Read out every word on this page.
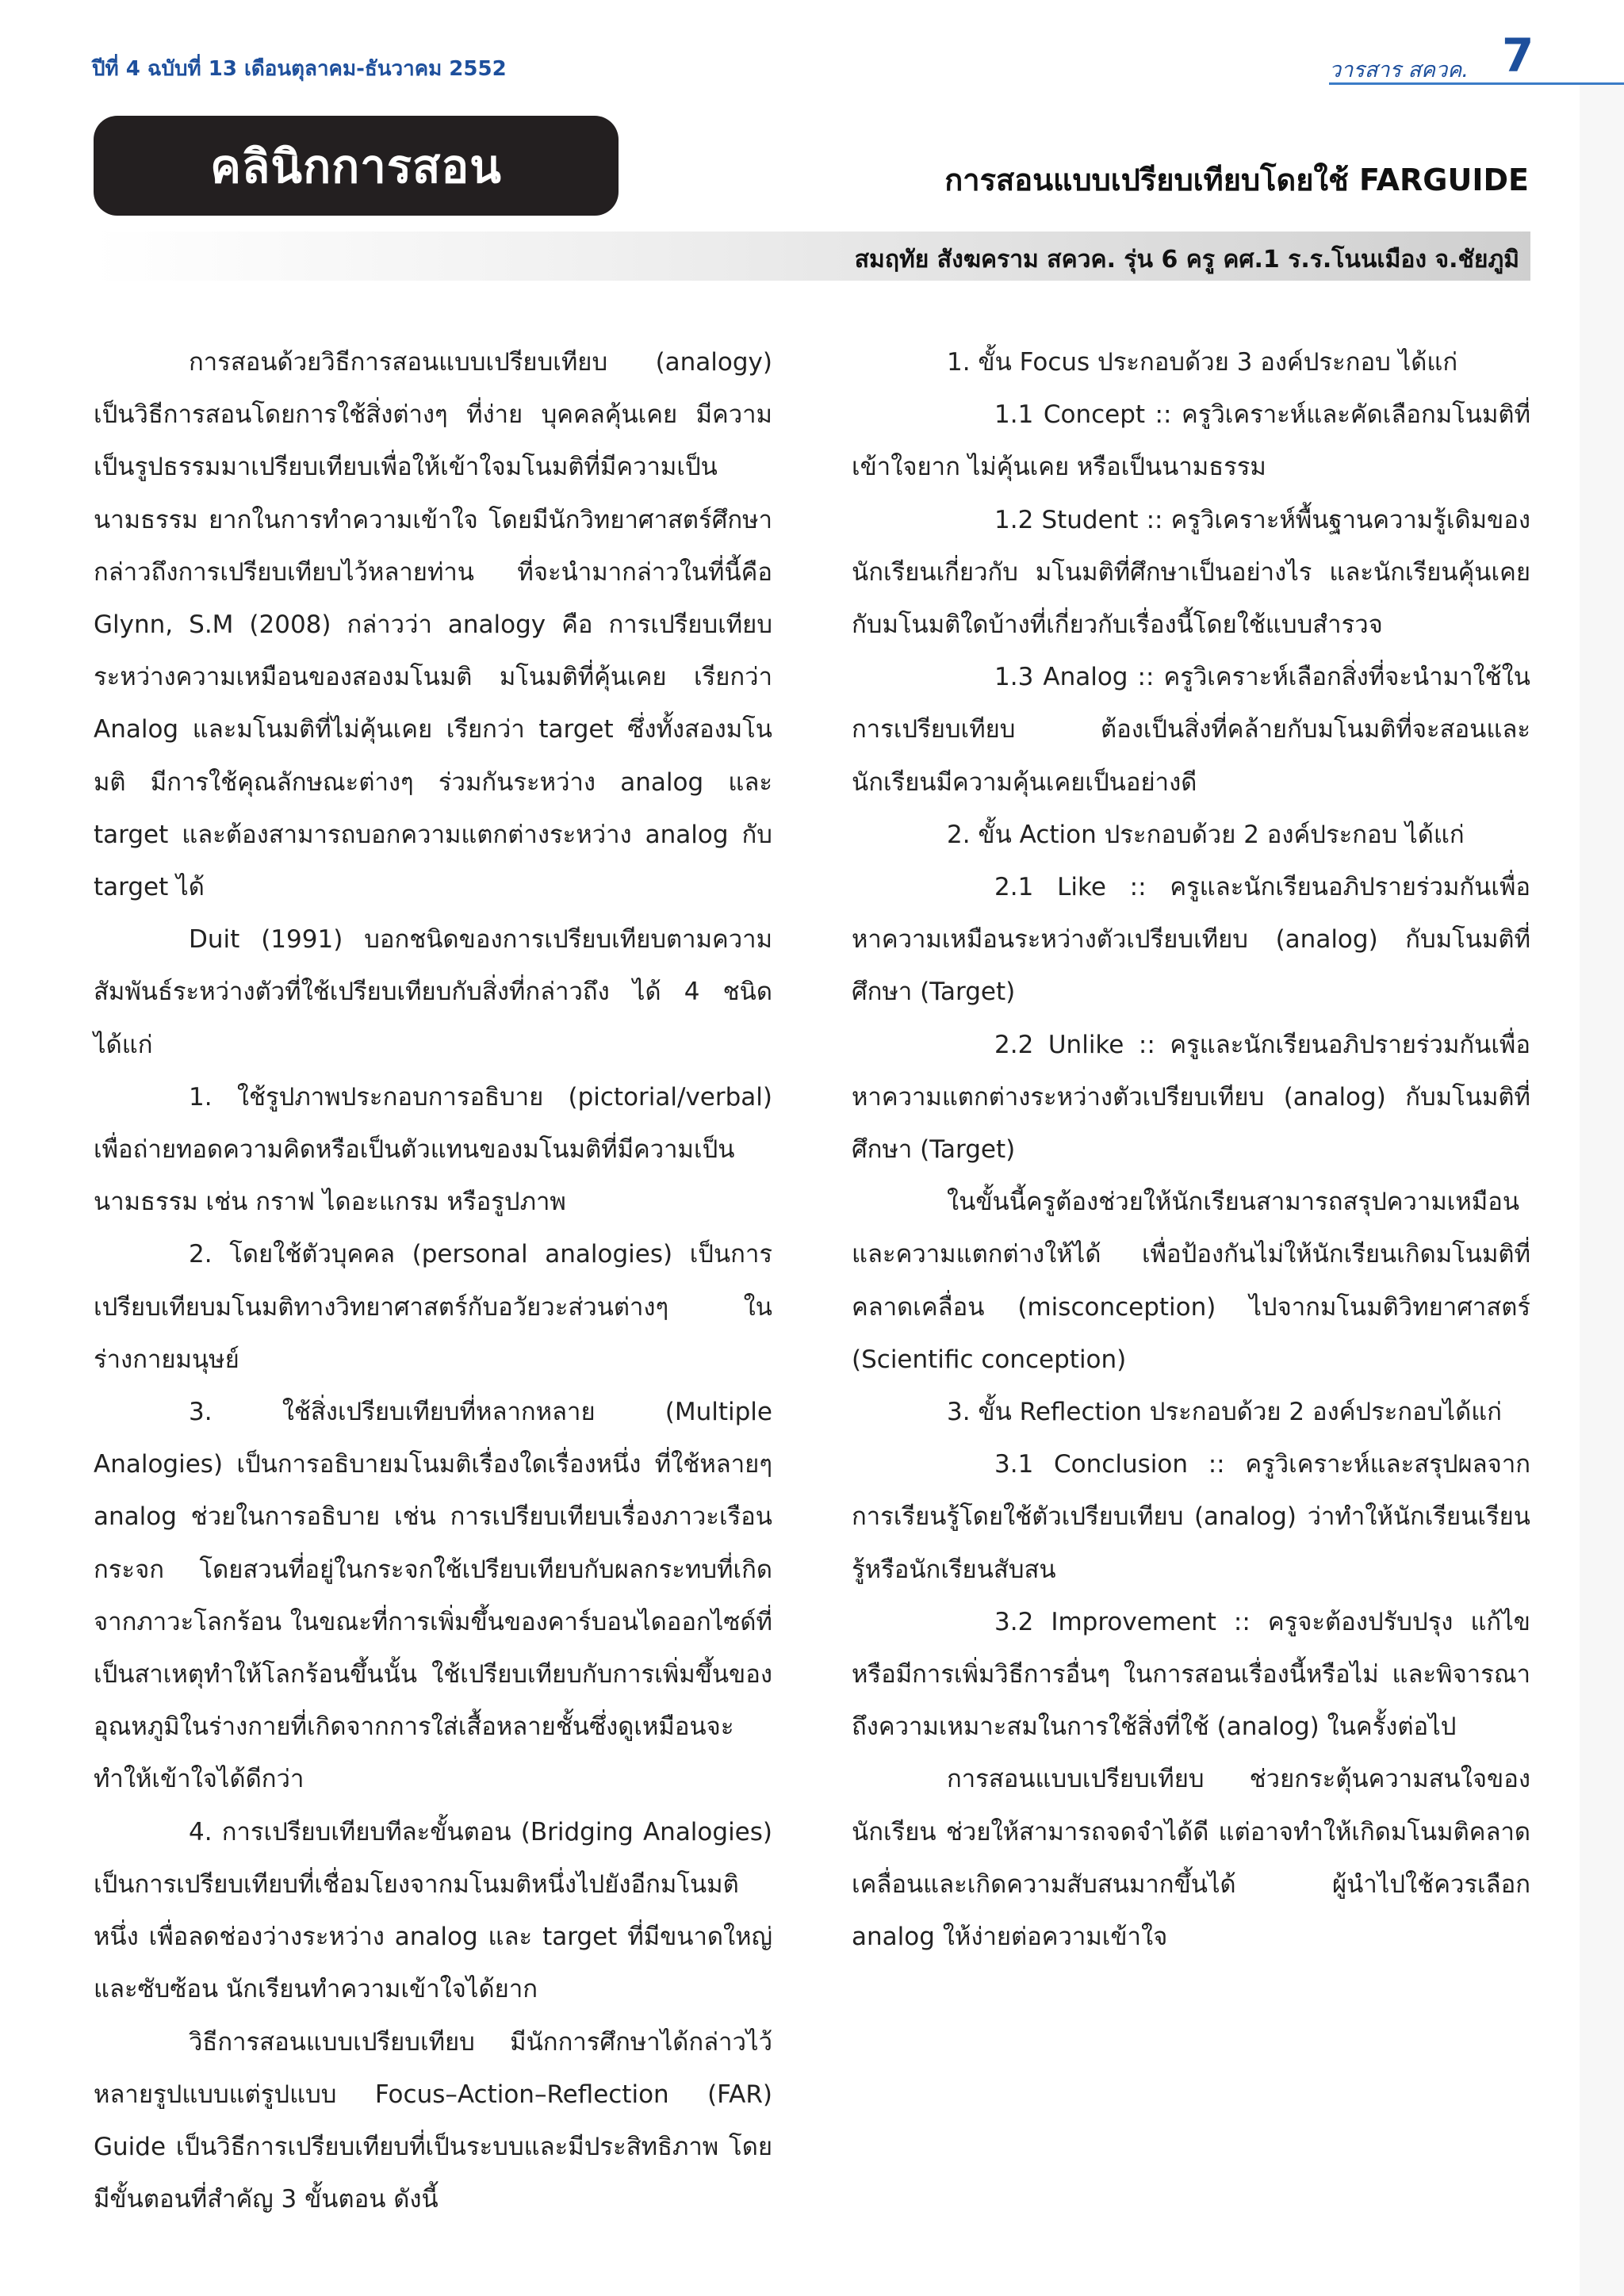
ปีที่ 4 ฉบับที่ 13 เดือนตุลาคม-ธันวาคม 2552	วารสาร สควค. 7
คลินิกการสอน	การสอนแบบเปรียบเทียบโดยใช้ FARGUIDE
สมฤทัย สังฆคราม สควค. รุ่น 6 ครู คศ.1 ร.ร.โนนเมือง จ.ชัยภูมิ

การสอนด้วยวิธีการสอนแบบเปรียบเทียบ (analogy) เป็นวิธีการสอนโดยการใช้สิ่งต่างๆ ที่ง่าย บุคคลคุ้นเคย มีความเป็นรูปธรรมมาเปรียบเทียบเพื่อให้เข้าใจมโนมติที่มีความเป็นนามธรรม ยากในการทำความเข้าใจ โดยมีนักวิทยาศาสตร์ศึกษา กล่าวถึงการเปรียบเทียบไว้หลายท่าน ที่จะนำมากล่าวในที่นี้คือ Glynn, S.M (2008) กล่าวว่า analogy คือ การเปรียบเทียบระหว่างความเหมือนของสองมโนมติ มโนมติที่คุ้นเคย เรียกว่า Analog และมโนมติที่ไม่คุ้นเคย เรียกว่า target ซึ่งทั้งสองมโนมติ มีการใช้คุณลักษณะต่างๆ ร่วมกันระหว่าง analog และ target และต้องสามารถบอกความแตกต่างระหว่าง analog กับ target ได้

Duit (1991) บอกชนิดของการเปรียบเทียบตามความสัมพันธ์ระหว่างตัวที่ใช้เปรียบเทียบกับสิ่งที่กล่าวถึง ได้ 4 ชนิด ได้แก่

1. ใช้รูปภาพประกอบการอธิบาย (pictorial/verbal) เพื่อถ่ายทอดความคิดหรือเป็นตัวแทนของมโนมติที่มีความเป็นนามธรรม เช่น กราฟ ไดอะแกรม หรือรูปภาพ

2. โดยใช้ตัวบุคคล (personal analogies) เป็นการเปรียบเทียบมโนมติทางวิทยาศาสตร์กับอวัยวะส่วนต่างๆ ในร่างกายมนุษย์

3. ใช้สิ่งเปรียบเทียบที่หลากหลาย (Multiple Analogies) เป็นการอธิบายมโนมติเรื่องใดเรื่องหนึ่ง ที่ใช้หลายๆ analog ช่วยในการอธิบาย เช่น การเปรียบเทียบเรื่องภาวะเรือนกระจก โดยสวนที่อยู่ในกระจกใช้เปรียบเทียบกับผลกระทบที่เกิดจากภาวะโลกร้อน ในขณะที่การเพิ่มขึ้นของคาร์บอนไดออกไซด์ที่เป็นสาเหตุทำให้โลกร้อนขึ้นนั้น ใช้เปรียบเทียบกับการเพิ่มขึ้นของอุณหภูมิในร่างกายที่เกิดจากการใส่เสื้อหลายชั้นซึ่งดูเหมือนจะทำให้เข้าใจได้ดีกว่า

4. การเปรียบเทียบทีละขั้นตอน (Bridging Analogies) เป็นการเปรียบเทียบที่เชื่อมโยงจากมโนมติหนึ่งไปยังอีกมโนมติหนึ่ง เพื่อลดช่องว่างระหว่าง analog และ target ที่มีขนาดใหญ่และซับซ้อน นักเรียนทำความเข้าใจได้ยาก

วิธีการสอนแบบเปรียบเทียบ มีนักการศึกษาได้กล่าวไว้หลายรูปแบบแต่รูปแบบ Focus–Action–Reflection (FAR) Guide เป็นวิธีการเปรียบเทียบที่เป็นระบบและมีประสิทธิภาพ โดยมีขั้นตอนที่สำคัญ 3 ขั้นตอน ดังนี้

1. ขั้น Focus ประกอบด้วย 3 องค์ประกอบ ได้แก่

1.1 Concept :: ครูวิเคราะห์และคัดเลือกมโนมติที่เข้าใจยาก ไม่คุ้นเคย หรือเป็นนามธรรม

1.2 Student :: ครูวิเคราะห์พื้นฐานความรู้เดิมของนักเรียนเกี่ยวกับ มโนมติที่ศึกษาเป็นอย่างไร และนักเรียนคุ้นเคยกับมโนมติใดบ้างที่เกี่ยวกับเรื่องนี้โดยใช้แบบสำรวจ

1.3 Analog :: ครูวิเคราะห์เลือกสิ่งที่จะนำมาใช้ในการเปรียบเทียบ ต้องเป็นสิ่งที่คล้ายกับมโนมติที่จะสอนและนักเรียนมีความคุ้นเคยเป็นอย่างดี

2. ขั้น Action ประกอบด้วย 2 องค์ประกอบ ได้แก่

2.1 Like :: ครูและนักเรียนอภิปรายร่วมกันเพื่อหาความเหมือนระหว่างตัวเปรียบเทียบ (analog) กับมโนมติที่ศึกษา (Target)

2.2 Unlike :: ครูและนักเรียนอภิปรายร่วมกันเพื่อหาความแตกต่างระหว่างตัวเปรียบเทียบ (analog) กับมโนมติที่ศึกษา (Target)

ในขั้นนี้ครูต้องช่วยให้นักเรียนสามารถสรุปความเหมือนและความแตกต่างให้ได้ เพื่อป้องกันไม่ให้นักเรียนเกิดมโนมติที่คลาดเคลื่อน (misconception) ไปจากมโนมติวิทยาศาสตร์ (Scientific conception)

3. ขั้น Reflection ประกอบด้วย 2 องค์ประกอบได้แก่

3.1 Conclusion :: ครูวิเคราะห์และสรุปผลจากการเรียนรู้โดยใช้ตัวเปรียบเทียบ (analog) ว่าทำให้นักเรียนเรียนรู้หรือนักเรียนสับสน

3.2 Improvement :: ครูจะต้องปรับปรุง แก้ไขหรือมีการเพิ่มวิธีการอื่นๆ ในการสอนเรื่องนี้หรือไม่ และพิจารณาถึงความเหมาะสมในการใช้สิ่งที่ใช้ (analog) ในครั้งต่อไป

การสอนแบบเปรียบเทียบ ช่วยกระตุ้นความสนใจของนักเรียน ช่วยให้สามารถจดจำได้ดี แต่อาจทำให้เกิดมโนมติคลาดเคลื่อนและเกิดความสับสนมากขึ้นได้ ผู้นำไปใช้ควรเลือก analog ให้ง่ายต่อความเข้าใจ
